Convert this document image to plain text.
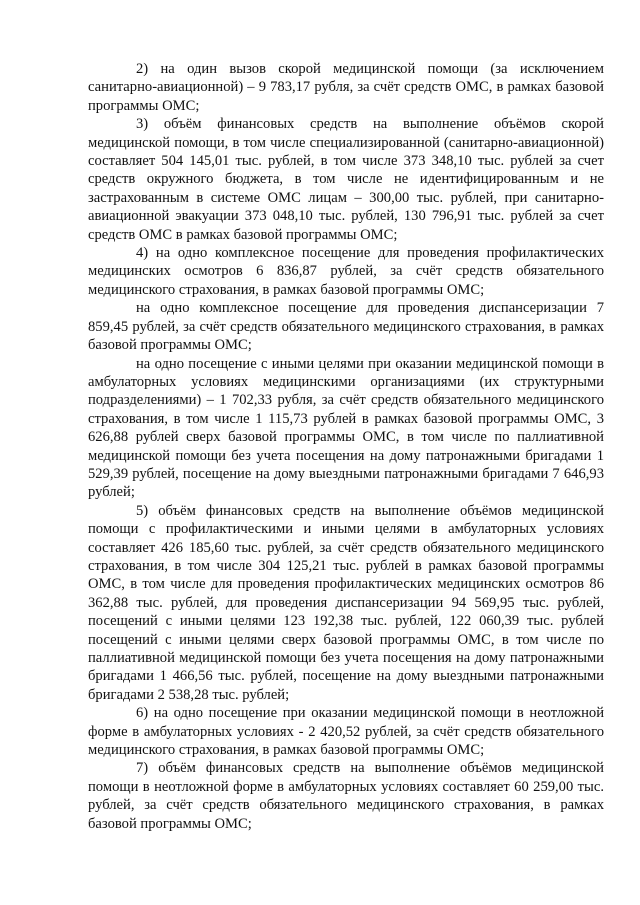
2) на один вызов скорой медицинской помощи (за исключением санитарно-авиационной) – 9 783,17 рубля, за счёт средств ОМС, в рамках базовой программы ОМС;

3) объём финансовых средств на выполнение объёмов скорой медицинской помощи, в том числе специализированной (санитарно-авиационной) составляет 504 145,01 тыс. рублей, в том числе 373 348,10 тыс. рублей за счет средств окружного бюджета, в том числе не идентифицированным и не застрахованным в системе ОМС лицам – 300,00 тыс. рублей, при санитарно-авиационной эвакуации 373 048,10 тыс. рублей, 130 796,91 тыс. рублей за счет средств ОМС в рамках базовой программы ОМС;

4) на одно комплексное посещение для проведения профилактических медицинских осмотров 6 836,87 рублей, за счёт средств обязательного медицинского страхования, в рамках базовой программы ОМС;

на одно комплексное посещение для проведения диспансеризации 7 859,45 рублей, за счёт средств обязательного медицинского страхования, в рамках базовой программы ОМС;

на одно посещение с иными целями при оказании медицинской помощи в амбулаторных условиях медицинскими организациями (их структурными подразделениями) – 1 702,33 рубля, за счёт средств обязательного медицинского страхования, в том числе 1 115,73 рублей в рамках базовой программы ОМС, 3 626,88 рублей сверх базовой программы ОМС, в том числе по паллиативной медицинской помощи без учета посещения на дому патронажными бригадами 1 529,39 рублей, посещение на дому выездными патронажными бригадами 7 646,93 рублей;

5) объём финансовых средств на выполнение объёмов медицинской помощи с профилактическими и иными целями в амбулаторных условиях составляет 426 185,60 тыс. рублей, за счёт средств обязательного медицинского страхования, в том числе 304 125,21 тыс. рублей в рамках базовой программы ОМС, в том числе для проведения профилактических медицинских осмотров 86 362,88 тыс. рублей, для проведения диспансеризации 94 569,95 тыс. рублей, посещений с иными целями 123 192,38 тыс. рублей, 122 060,39 тыс. рублей посещений с иными целями сверх базовой программы ОМС, в том числе по паллиативной медицинской помощи без учета посещения на дому патронажными бригадами 1 466,56 тыс. рублей, посещение на дому выездными патронажными бригадами 2 538,28 тыс. рублей;

6) на одно посещение при оказании медицинской помощи в неотложной форме в амбулаторных условиях - 2 420,52 рублей, за счёт средств обязательного медицинского страхования, в рамках базовой программы ОМС;

7) объём финансовых средств на выполнение объёмов медицинской помощи в неотложной форме в амбулаторных условиях составляет 60 259,00 тыс. рублей, за счёт средств обязательного медицинского страхования, в рамках базовой программы ОМС;
